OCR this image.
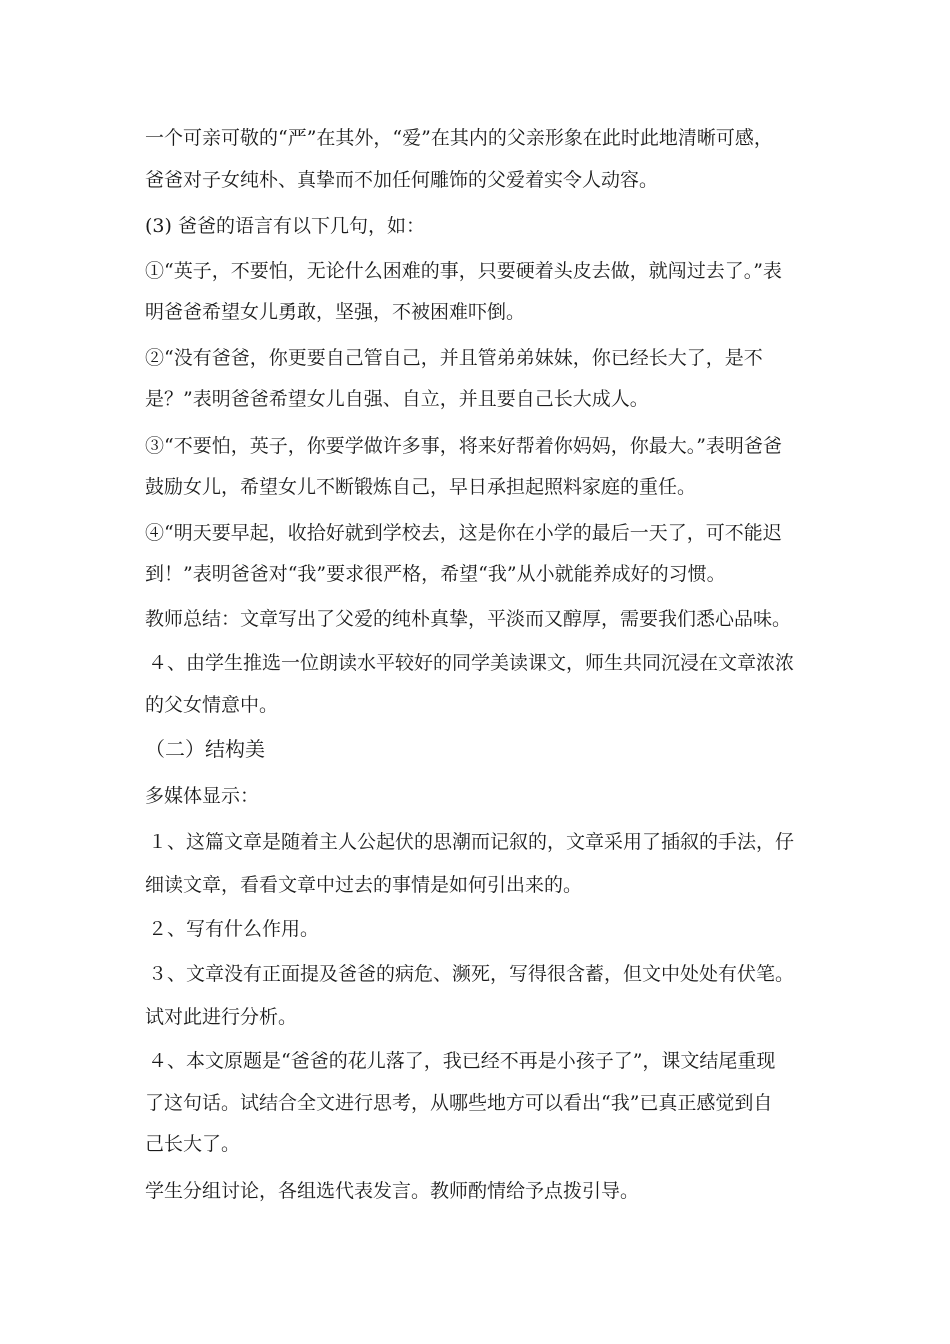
一个可亲可敬的“严”在其外，“爱”在其内的父亲形象在此时此地清晰可感，
爸爸对子女纯朴、真挚而不加任何雕饰的父爱着实令人动容。
(3) 爸爸的语言有以下几句，如：
①“英子，不要怕，无论什么困难的事，只要硬着头皮去做，就闯过去了。”表
明爸爸希望女儿勇敢，坚强，不被困难吓倒。
②“没有爸爸，你更要自己管自己，并且管弟弟妹妹，你已经长大了，是不
是？”表明爸爸希望女儿自强、自立，并且要自己长大成人。
③“不要怕，英子，你要学做许多事，将来好帮着你妈妈，你最大。”表明爸爸
鼓励女儿，希望女儿不断锻炼自己，早日承担起照料家庭的重任。
④“明天要早起，收拾好就到学校去，这是你在小学的最后一天了，可不能迟
到！”表明爸爸对“我”要求很严格，希望“我”从小就能养成好的习惯。
教师总结：文章写出了父爱的纯朴真挚，平淡而又醇厚，需要我们悉心品味。
４、由学生推选一位朗读水平较好的同学美读课文，师生共同沉浸在文章浓浓
的父女情意中。
（二）结构美
多媒体显示：
１、这篇文章是随着主人公起伏的思潮而记叙的，文章采用了插叙的手法，仔
细读文章，看看文章中过去的事情是如何引出来的。
２、写有什么作用。
３、文章没有正面提及爸爸的病危、濒死，写得很含蓄，但文中处处有伏笔。
试对此进行分析。
４、本文原题是“爸爸的花儿落了，我已经不再是小孩子了”，课文结尾重现
了这句话。试结合全文进行思考，从哪些地方可以看出“我”已真正感觉到自
己长大了。
学生分组讨论，各组选代表发言。教师酌情给予点拨引导。
